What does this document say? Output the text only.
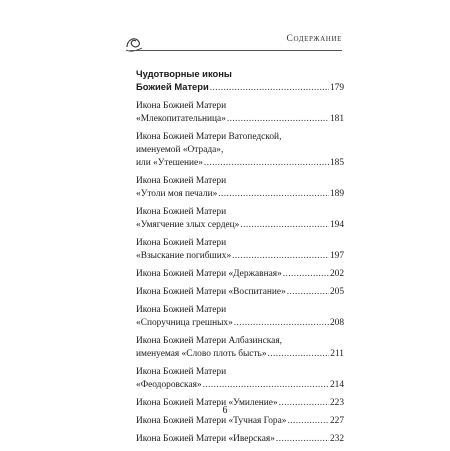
Содержание
Чудотворные иконы
Божией Матери .....	179
Икона Божией Матери
«Млекопитательница» .....	181
Икона Божией Матери Ватопедской,
именуемой «Отрада»,
или «Утешение» .....	185
Икона Божией Матери
«Утоли моя печали» .....	189
Икона Божией Матери
«Умягчение злых сердец» .....	194
Икона Божией Матери
«Взыскание погибших» .....	197
Икона Божией Матери «Державная» .....	202
Икона Божией Матери «Воспитание» .....	205
Икона Божией Матери
«Споручница грешных» .....	208
Икона Божией Матери Албазинская,
именуемая «Слово плоть бысть» .....	211
Икона Божией Матери
«Феодоровская» .....	214
Икона Божией Матери «Умиление» .....	223
Икона Божией Матери «Тучная Гора» .....	227
Икона Божией Матери «Иверская» .....	232
6
